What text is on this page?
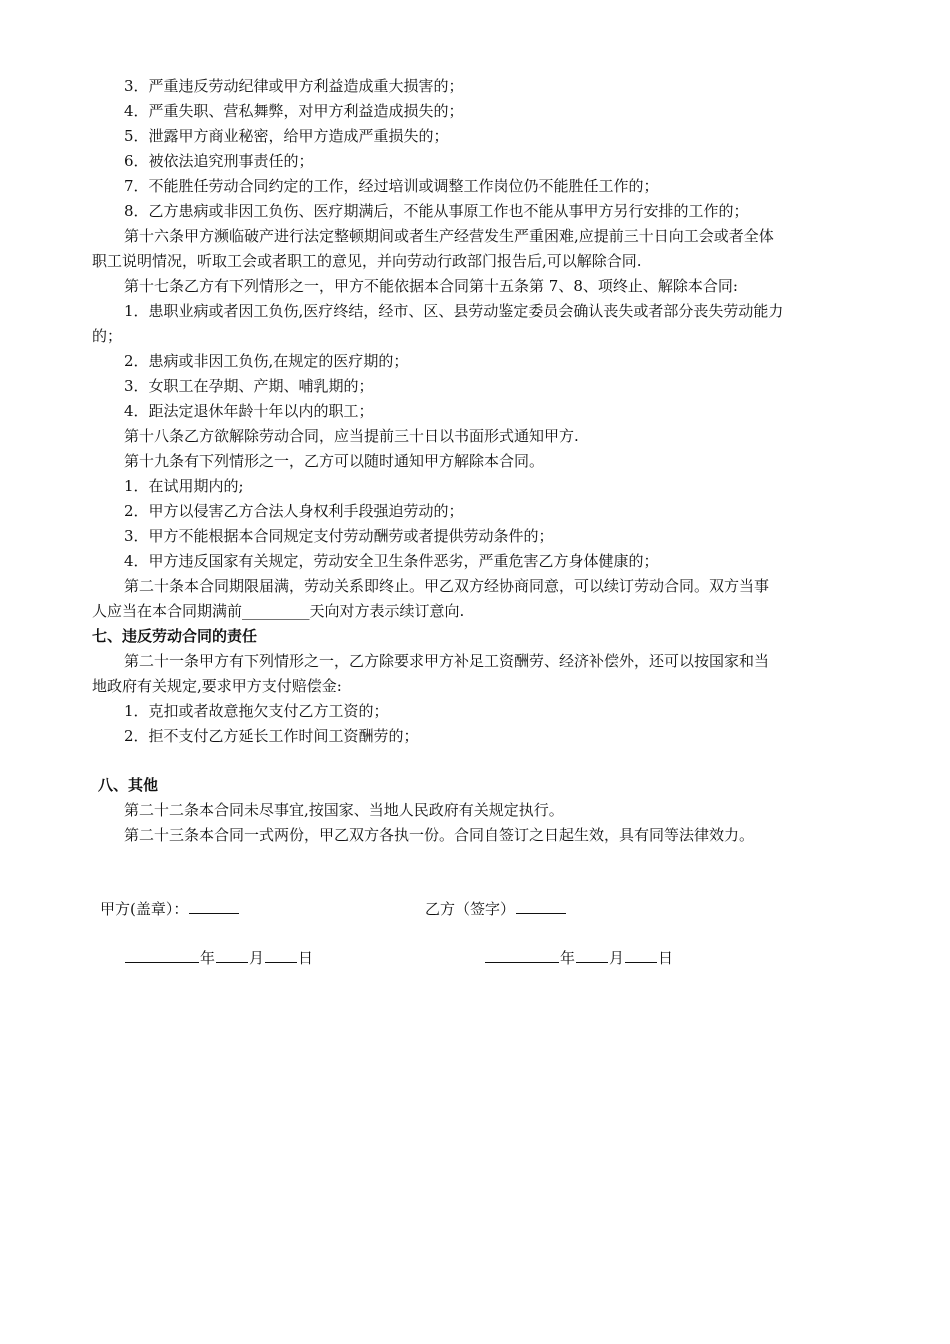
3．严重违反劳动纪律或甲方利益造成重大损害的；
4．严重失职、营私舞弊，对甲方利益造成损失的；
5．泄露甲方商业秘密，给甲方造成严重损失的；
6．被依法追究刑事责任的；
7．不能胜任劳动合同约定的工作，经过培训或调整工作岗位仍不能胜任工作的；
8．乙方患病或非因工负伤、医疗期满后，不能从事原工作也不能从事甲方另行安排的工作的；
第十六条甲方濒临破产进行法定整顿期间或者生产经营发生严重困难,应提前三十日向工会或者全体
职工说明情况，听取工会或者职工的意见，并向劳动行政部门报告后,可以解除合同.
第十七条乙方有下列情形之一，甲方不能依据本合同第十五条第 7、8、项终止、解除本合同:
1．患职业病或者因工负伤,医疗终结，经市、区、县劳动鉴定委员会确认丧失或者部分丧失劳动能力
的；
2．患病或非因工负伤,在规定的医疗期的；
3．女职工在孕期、产期、哺乳期的；
4．距法定退休年龄十年以内的职工；
第十八条乙方欲解除劳动合同，应当提前三十日以书面形式通知甲方.
第十九条有下列情形之一，乙方可以随时通知甲方解除本合同。
1．在试用期内的;
2．甲方以侵害乙方合法人身权利手段强迫劳动的；
3．甲方不能根据本合同规定支付劳动酬劳或者提供劳动条件的；
4．甲方违反国家有关规定，劳动安全卫生条件恶劣，严重危害乙方身体健康的；
第二十条本合同期限届满，劳动关系即终止。甲乙双方经协商同意，可以续订劳动合同。双方当事
人应当在本合同期满前_________天向对方表示续订意向.
七、违反劳动合同的责任
第二十一条甲方有下列情形之一，乙方除要求甲方补足工资酬劳、经济补偿外，还可以按国家和当
地政府有关规定,要求甲方支付赔偿金:
1．克扣或者故意拖欠支付乙方工资的；
2．拒不支付乙方延长工作时间工资酬劳的；
八、其他
第二十二条本合同未尽事宜,按国家、当地人民政府有关规定执行。
第二十三条本合同一式两份，甲乙双方各执一份。合同自签订之日起生效，具有同等法律效力。
甲方(盖章）：	乙方（签字）
年 月 日	年 月 日
